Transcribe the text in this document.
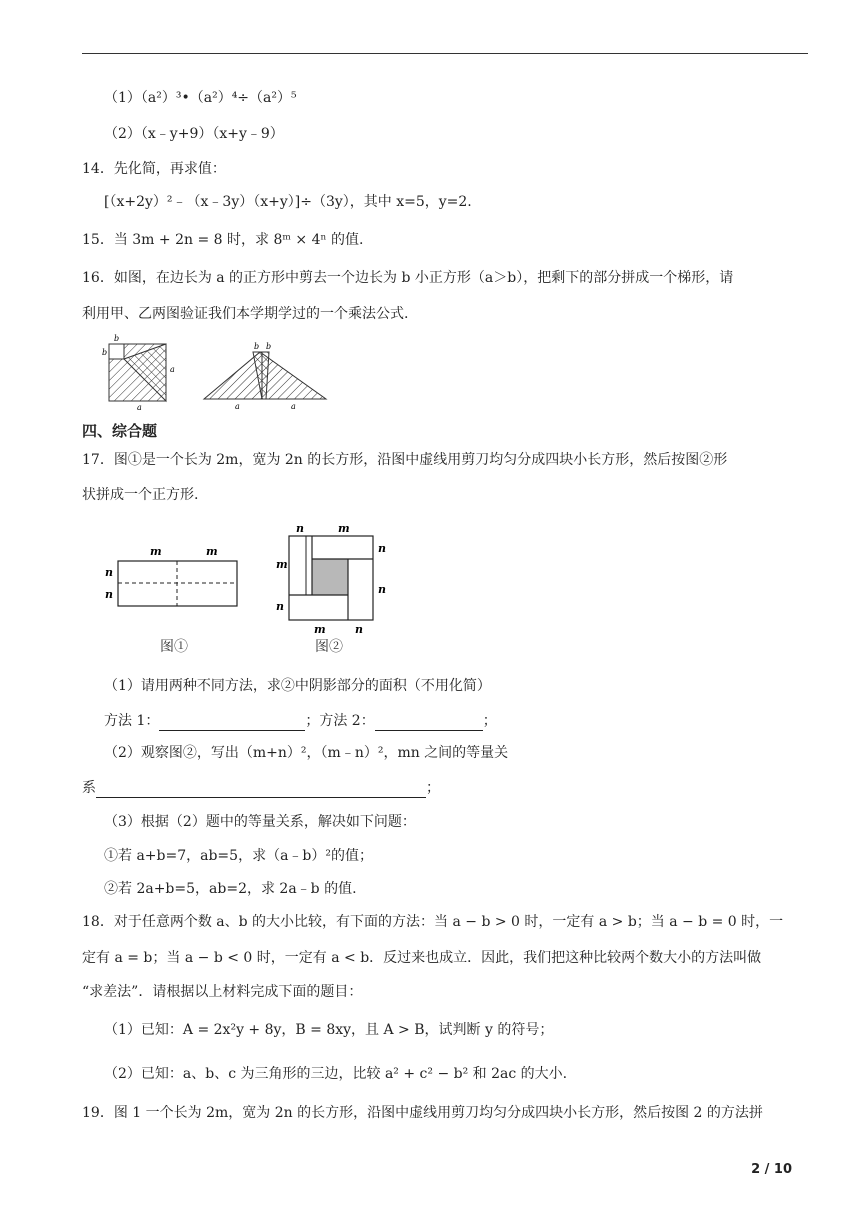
（1）（a²）³•（a²）⁴÷（a²）⁵
（2）（x﹣y+9）（x+y﹣9）
14．先化简，再求值：
[（x+2y）²﹣（x﹣3y）（x+y）]÷（3y），其中 x=5，y=2.
15．当 3m + 2n = 8 时，求 8ᵐ × 4ⁿ 的值.
16．如图，在边长为 a 的正方形中剪去一个边长为 b 小正方形（a＞b），把剩下的部分拼成一个梯形，请
利用甲、乙两图验证我们本学期学过的一个乘法公式.
b
b
a
a
b b
a	a
四、综合题
17．图①是一个长为 2m，宽为 2n 的长方形，沿图中虚线用剪刀均匀分成四块小长方形，然后按图②形
状拼成一个正方形.
m	m
n
n
图①
n	m
n
n
m
n
m	n
图②
（1）请用两种不同方法，求②中阴影部分的面积（不用化简）
方法 1：	；方法 2：	；
（2）观察图②，写出（m+n）²，（m﹣n）²，mn 之间的等量关
系	；
（3）根据（2）题中的等量关系，解决如下问题：
①若 a+b=7，ab=5，求（a﹣b）²的值；
②若 2a+b=5，ab=2，求 2a﹣b 的值.
18．对于任意两个数 a、b 的大小比较，有下面的方法：当 a − b > 0 时，一定有 a > b；当 a − b = 0 时，一
定有 a = b；当 a − b < 0 时，一定有 a < b．反过来也成立．因此，我们把这种比较两个数大小的方法叫做
“求差法”．请根据以上材料完成下面的题目：
（1）已知：A = 2x²y + 8y，B = 8xy，且 A > B，试判断 y 的符号；
（2）已知：a、b、c 为三角形的三边，比较 a² + c² − b² 和 2ac 的大小.
19．图 1 一个长为 2m，宽为 2n 的长方形，沿图中虚线用剪刀均匀分成四块小长方形，然后按图 2 的方法拼
2 / 10
